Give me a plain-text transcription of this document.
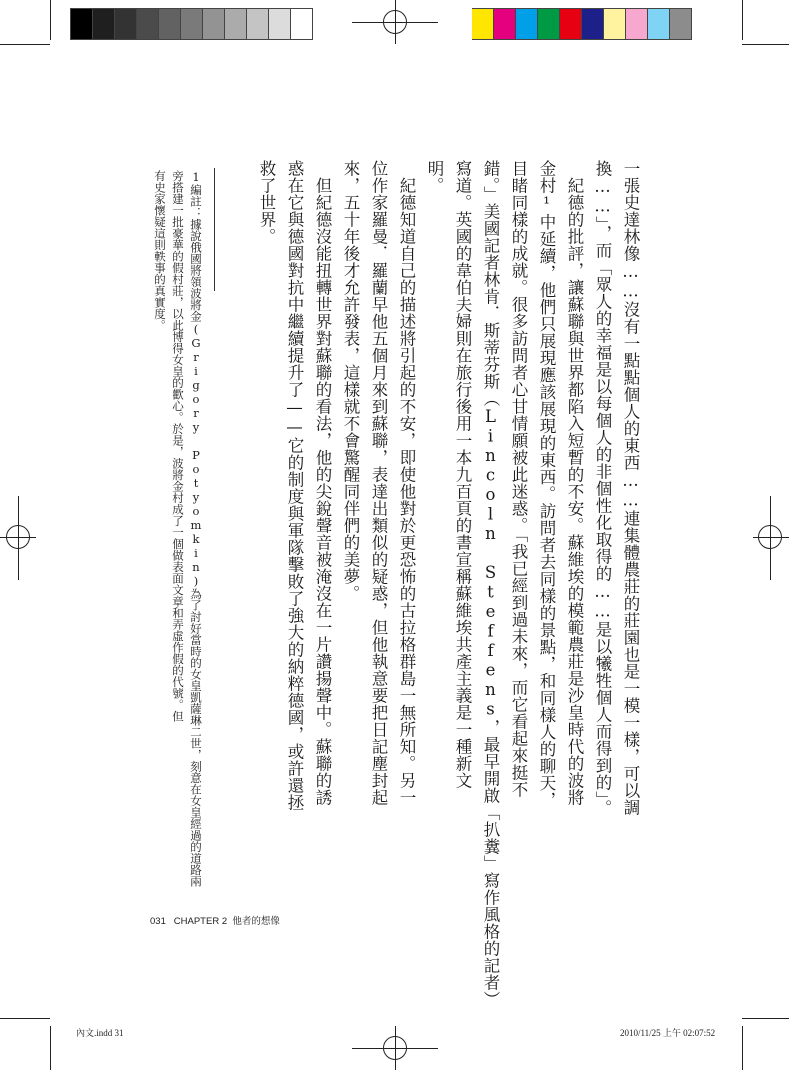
一張史達林像……沒有一點點個人的東西……連集體農莊的莊園也是一模一樣，可以調
換……」，而「眾人的幸福是以每個人的非個性化取得的……是以犧牲個人而得到的」。
　紀德的批評，讓蘇聯與世界都陷入短暫的不安。蘇維埃的模範農莊是沙皇時代的波將
金村¹中延續，他們只展現應該展現的東西。訪問者去同樣的景點，和同樣人的聊天，
目睹同樣的成就。很多訪問者心甘情願被此迷惑。「我已經到過未來，而它看起來挺不
錯。」美國記者林肯．斯蒂芬斯（Lincoln Steffens，最早開啟「扒糞」寫作風格的記者）
寫道。英國的韋伯夫婦則在旅行後用一本九百頁的書宣稱蘇維埃共產主義是一種新文
明。
　紀德知道自己的描述將引起的不安，即使他對於更恐怖的古拉格群島一無所知。另一
位作家羅曼．羅蘭早他五個月來到蘇聯，表達出類似的疑惑，但他執意要把日記塵封起
來，五十年後才允許發表，這樣就不會驚醒同伴們的美夢。
　但紀德沒能扭轉世界對蘇聯的看法，他的尖銳聲音被淹沒在一片讚揚聲中。蘇聯的誘
惑在它與德國對抗中繼續提升了——它的制度與軍隊擊敗了強大的納粹德國，或許還拯
救了世界。
1編註：據說俄國將領波將金(Grigory Potyomkin)為了討好當時的女皇凱薩琳二世，刻意在女皇經過的道路兩
旁搭建一批豪華的假村莊，以此博得女皇的歡心。於是，波將金村成了一個做表面文章和弄虛作假的代號。但
有史家懷疑這則軼事的真實度。
031 CHAPTER 2 他者的想像
內文.indd 31	2010/11/25 上午 02:07:52
